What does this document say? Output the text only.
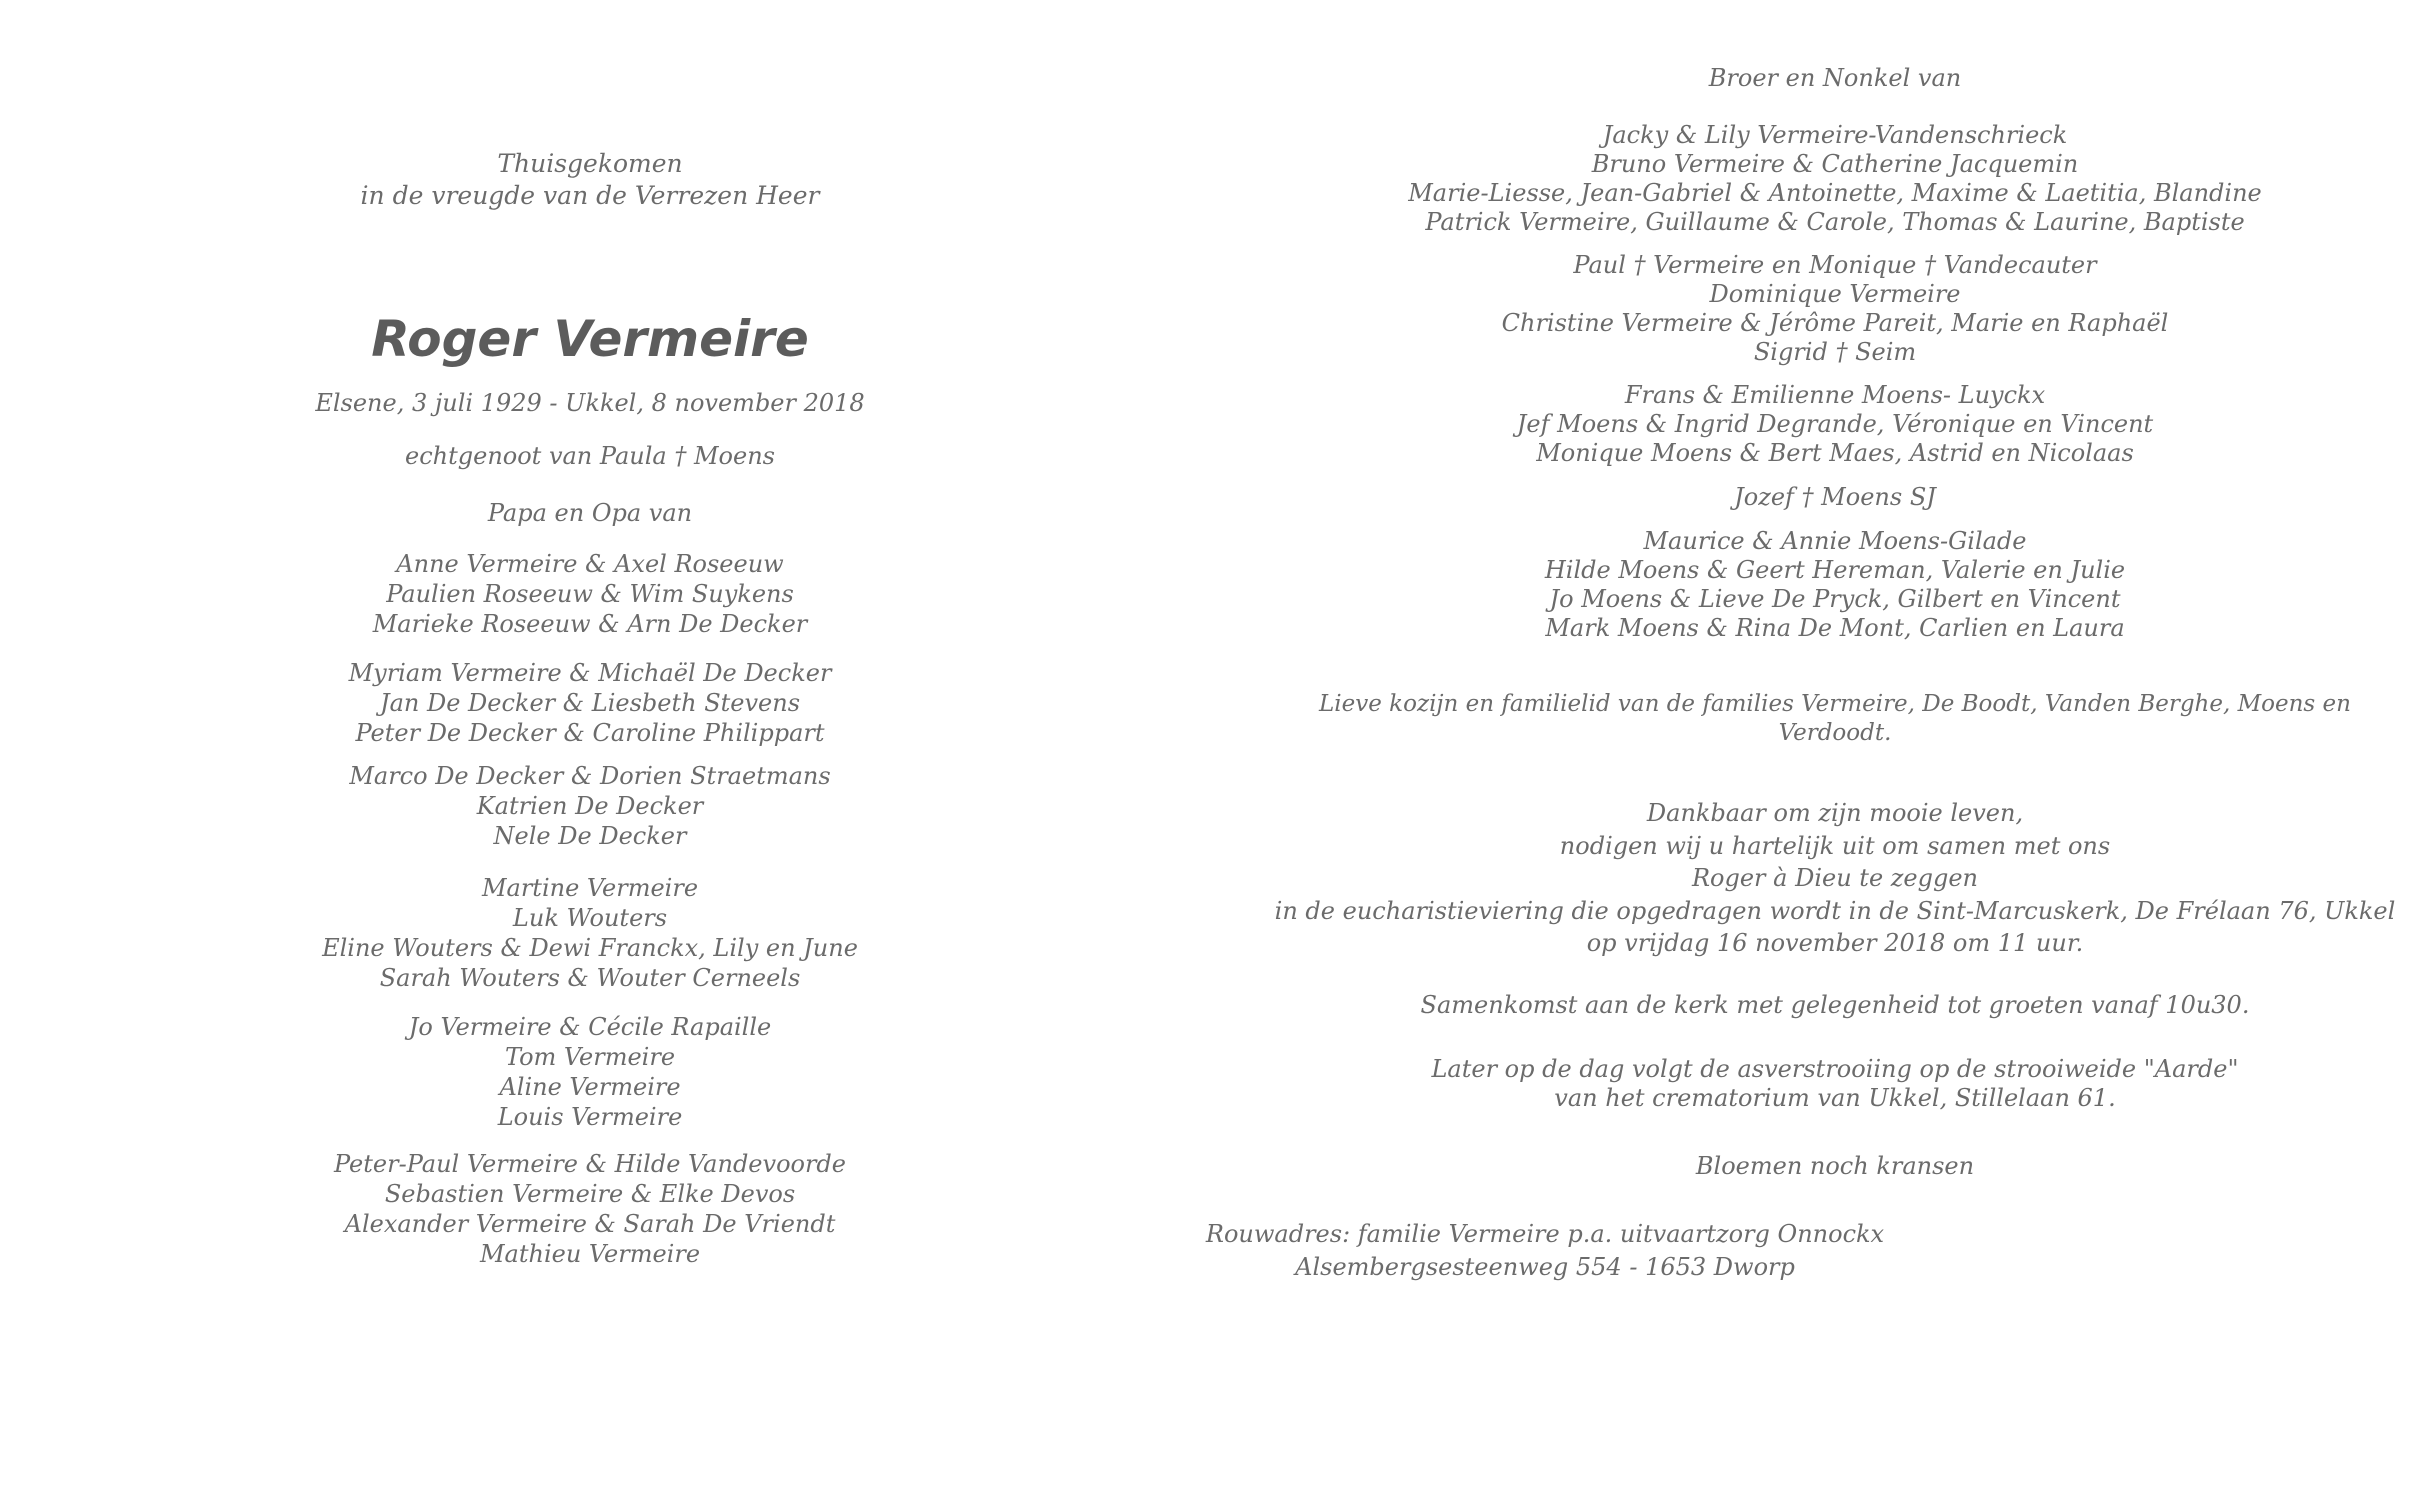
Thuisgekomen
in de vreugde van de Verrezen Heer
Roger Vermeire
Elsene, 3 juli 1929 - Ukkel, 8 november 2018
echtgenoot van Paula † Moens
Papa en Opa van
Anne Vermeire & Axel Roseeuw
Paulien Roseeuw & Wim Suykens
Marieke Roseeuw & Arn De Decker
Myriam Vermeire & Michaël De Decker
Jan De Decker & Liesbeth Stevens
Peter De Decker & Caroline Philippart
Marco De Decker & Dorien Straetmans
Katrien De Decker
Nele De Decker
Martine Vermeire
Luk Wouters
Eline Wouters & Dewi Franckx, Lily en June
Sarah Wouters & Wouter Cerneels
Jo Vermeire & Cécile Rapaille
Tom Vermeire
Aline Vermeire
Louis Vermeire
Peter-Paul Vermeire & Hilde Vandevoorde
Sebastien Vermeire & Elke Devos
Alexander Vermeire & Sarah De Vriendt
Mathieu Vermeire
Broer en Nonkel van
Jacky & Lily Vermeire-Vandenschrieck
Bruno Vermeire & Catherine Jacquemin
Marie-Liesse, Jean-Gabriel & Antoinette, Maxime & Laetitia, Blandine
Patrick Vermeire, Guillaume & Carole, Thomas & Laurine, Baptiste
Paul † Vermeire en Monique † Vandecauter
Dominique Vermeire
Christine Vermeire & Jérôme Pareit, Marie en Raphaël
Sigrid † Seim
Frans & Emilienne Moens- Luyckx
Jef Moens & Ingrid Degrande, Véronique en Vincent
Monique Moens & Bert Maes, Astrid en Nicolaas
Jozef † Moens SJ
Maurice & Annie Moens-Gilade
Hilde Moens & Geert Hereman, Valerie en Julie
Jo Moens & Lieve De Pryck, Gilbert en Vincent
Mark Moens & Rina De Mont, Carlien en Laura
Lieve kozijn en familielid van de families Vermeire, De Boodt, Vanden Berghe, Moens en Verdoodt.
Dankbaar om zijn mooie leven,
nodigen wij u hartelijk uit om samen met ons
Roger à Dieu te zeggen
in de eucharistieviering die opgedragen wordt in de Sint-Marcuskerk, De Frélaan 76, Ukkel
op vrijdag 16 november 2018 om 11 uur.
Samenkomst aan de kerk met gelegenheid tot groeten vanaf 10u30.
Later op de dag volgt de asverstrooiing op de strooiweide "Aarde"
van het crematorium van Ukkel, Stillelaan 61.
Bloemen noch kransen
Rouwadres: familie Vermeire p.a. uitvaartzorg Onnockx
Alsembergsesteenweg 554 - 1653 Dworp
